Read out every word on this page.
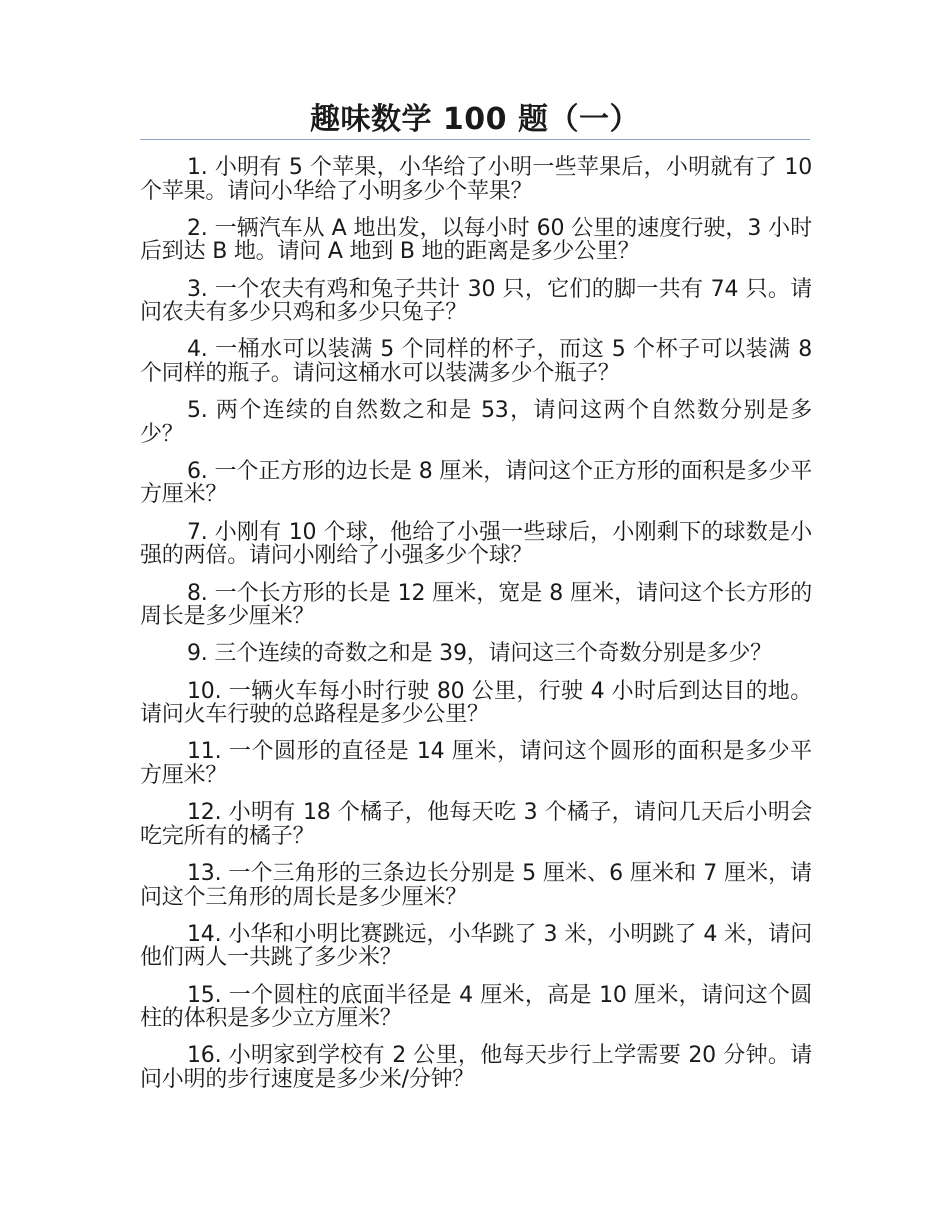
趣味数学 100 题（一）

1. 小明有 5 个苹果，小华给了小明一些苹果后，小明就有了 10 个苹果。请问小华给了小明多少个苹果？

2. 一辆汽车从 A 地出发，以每小时 60 公里的速度行驶，3 小时后到达 B 地。请问 A 地到 B 地的距离是多少公里？

3. 一个农夫有鸡和兔子共计 30 只，它们的脚一共有 74 只。请问农夫有多少只鸡和多少只兔子？

4. 一桶水可以装满 5 个同样的杯子，而这 5 个杯子可以装满 8 个同样的瓶子。请问这桶水可以装满多少个瓶子？

5. 两个连续的自然数之和是 53，请问这两个自然数分别是多少？

6. 一个正方形的边长是 8 厘米，请问这个正方形的面积是多少平方厘米？

7. 小刚有 10 个球，他给了小强一些球后，小刚剩下的球数是小强的两倍。请问小刚给了小强多少个球？

8. 一个长方形的长是 12 厘米，宽是 8 厘米，请问这个长方形的周长是多少厘米？

9. 三个连续的奇数之和是 39，请问这三个奇数分别是多少？

10. 一辆火车每小时行驶 80 公里，行驶 4 小时后到达目的地。请问火车行驶的总路程是多少公里？

11. 一个圆形的直径是 14 厘米，请问这个圆形的面积是多少平方厘米？

12. 小明有 18 个橘子，他每天吃 3 个橘子，请问几天后小明会吃完所有的橘子？

13. 一个三角形的三条边长分别是 5 厘米、6 厘米和 7 厘米，请问这个三角形的周长是多少厘米？

14. 小华和小明比赛跳远，小华跳了 3 米，小明跳了 4 米，请问他们两人一共跳了多少米？

15. 一个圆柱的底面半径是 4 厘米，高是 10 厘米，请问这个圆柱的体积是多少立方厘米？

16. 小明家到学校有 2 公里，他每天步行上学需要 20 分钟。请问小明的步行速度是多少米/分钟？
